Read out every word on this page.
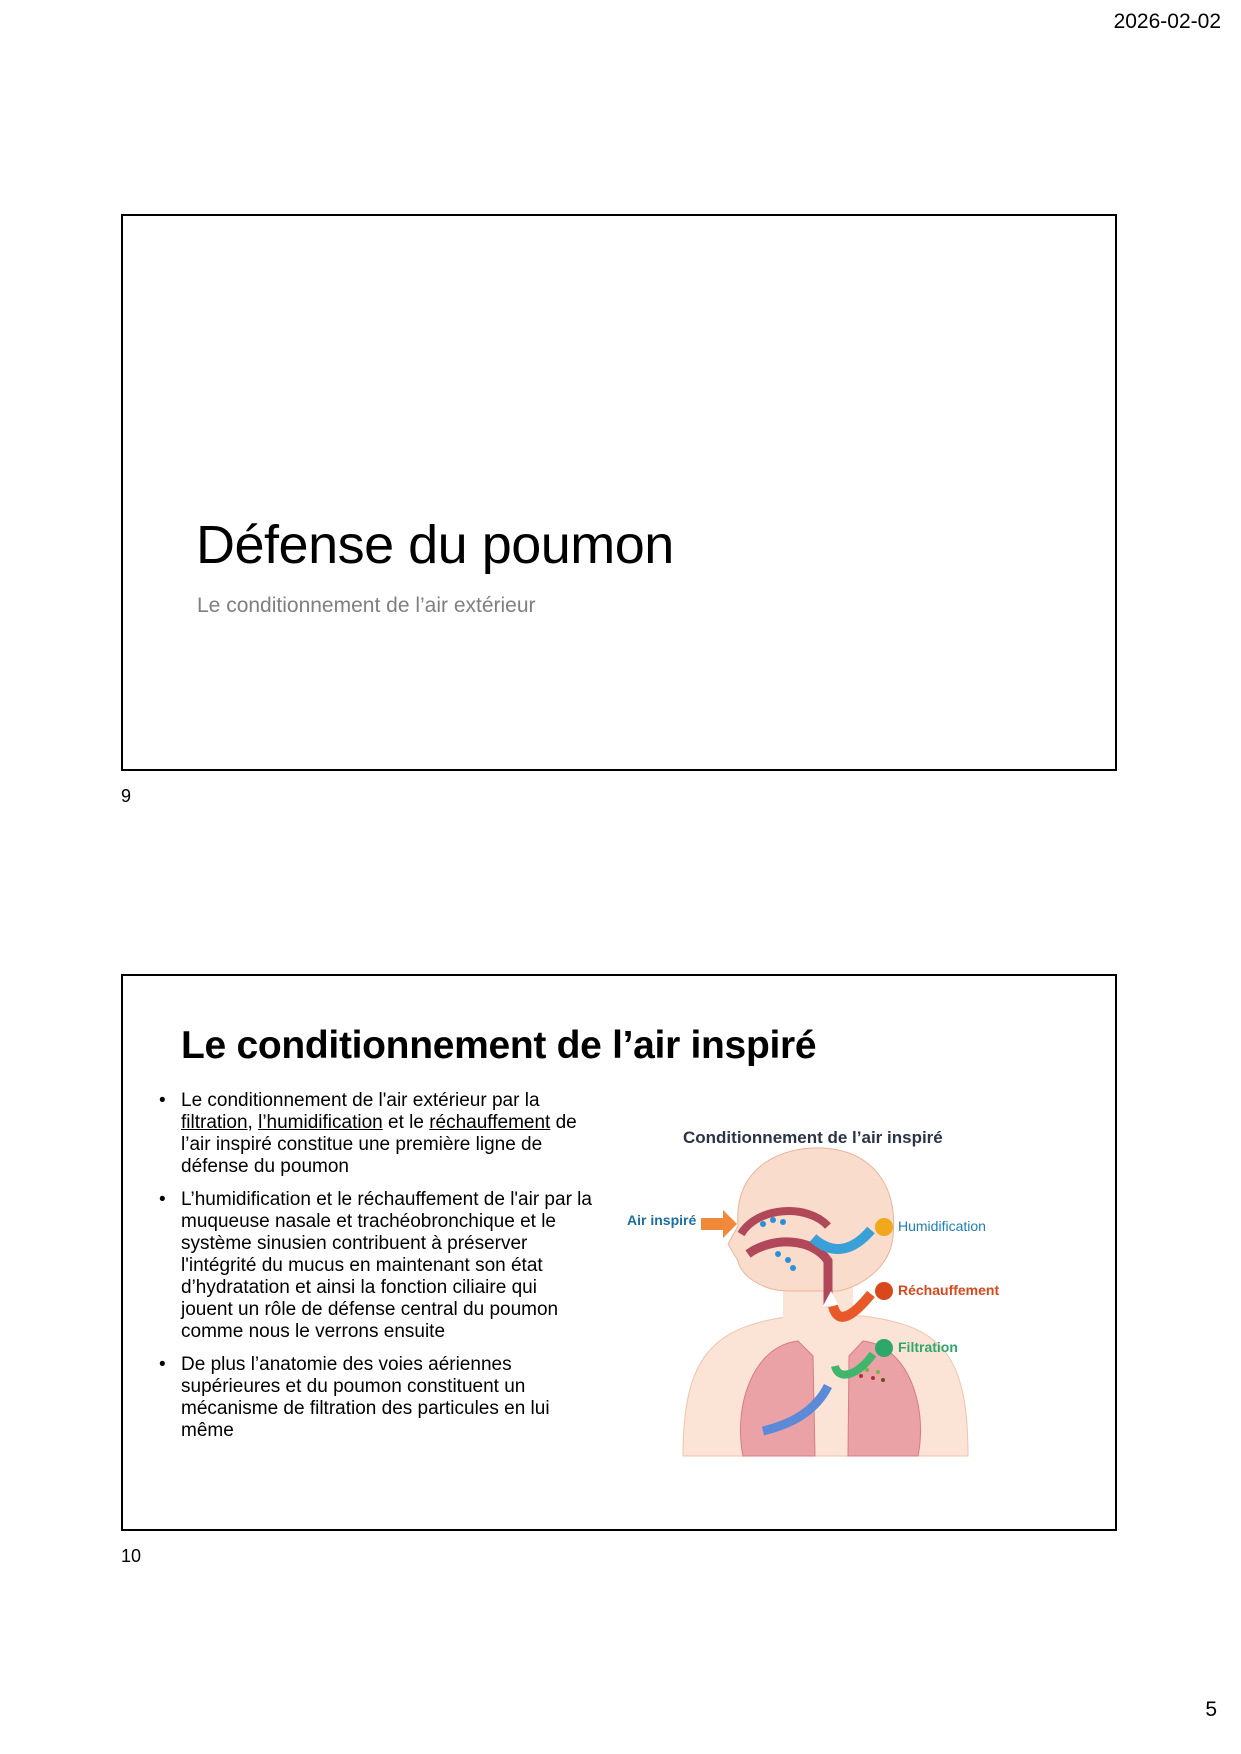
2026-02-02
Défense du poumon

Le conditionnement de l’air extérieur

9
Le conditionnement de l’air inspiré
• Le conditionnement de l'air extérieur par la filtration, l’humidification et le réchauffement de l’air inspiré constitue une première ligne de défense du poumon
• L’humidification et le réchauffement de l'air par la muqueuse nasale et trachéobronchique et le système sinusien contribuent à préserver l'intégrité du mucus en maintenant son état d’hydratation et ainsi la fonction ciliaire qui jouent un rôle de défense central du poumon comme nous le verrons ensuite
• De plus l’anatomie des voies aériennes supérieures et du poumon constituent un mécanisme de filtration des particules en lui même
Conditionnement de l’air inspiré
Air inspiré	Humidification
Réchauffement
Filtration
10
5
